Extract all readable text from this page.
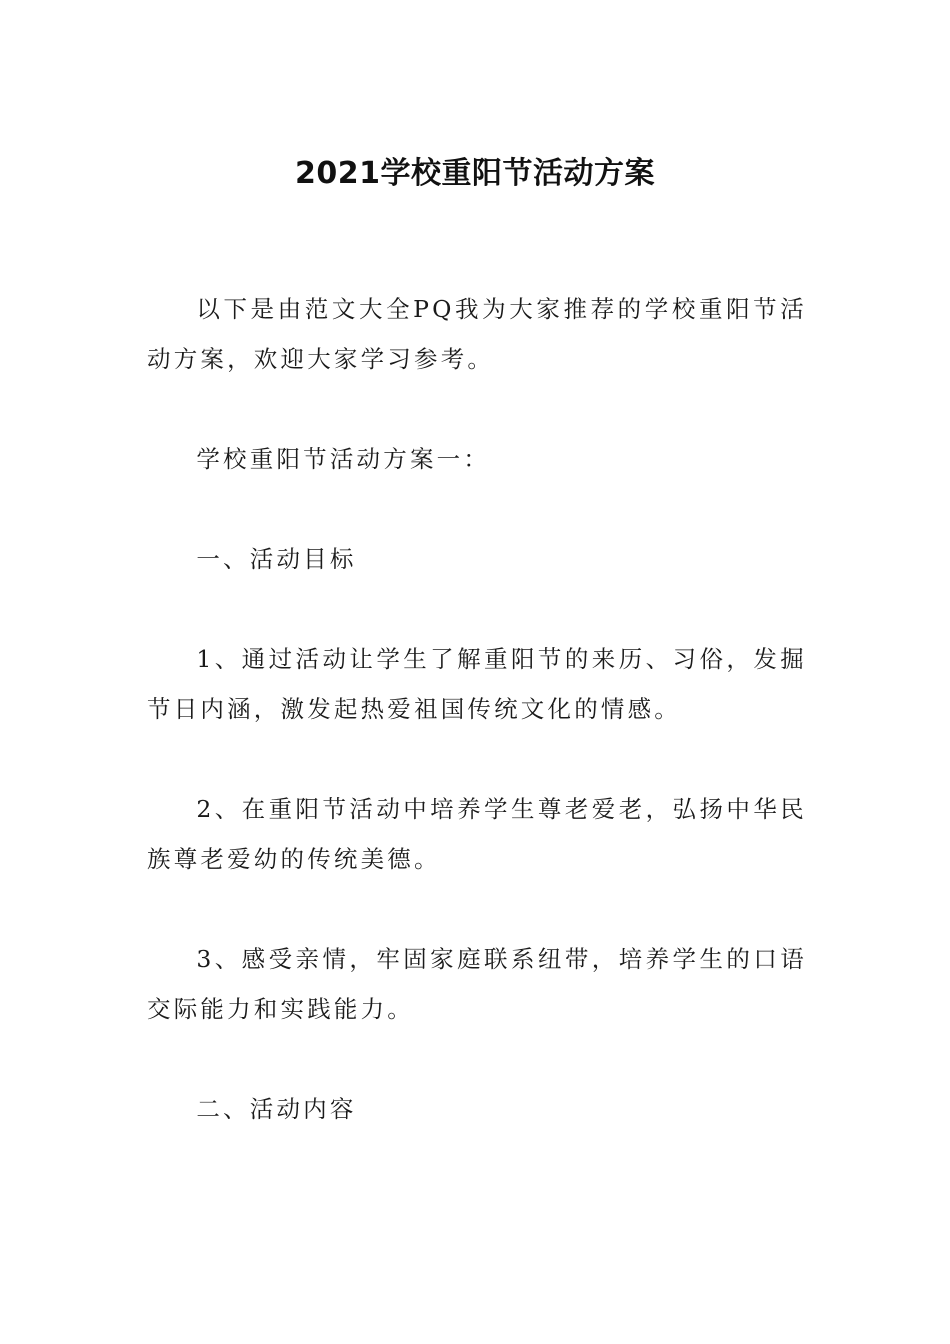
2021学校重阳节活动方案

以下是由范文大全PQ我为大家推荐的学校重阳节活动方案，欢迎大家学习参考。

学校重阳节活动方案一：

一、活动目标

1、通过活动让学生了解重阳节的来历、习俗，发掘节日内涵，激发起热爱祖国传统文化的情感。

2、在重阳节活动中培养学生尊老爱老，弘扬中华民族尊老爱幼的传统美德。

3、感受亲情，牢固家庭联系纽带，培养学生的口语交际能力和实践能力。

二、活动内容
